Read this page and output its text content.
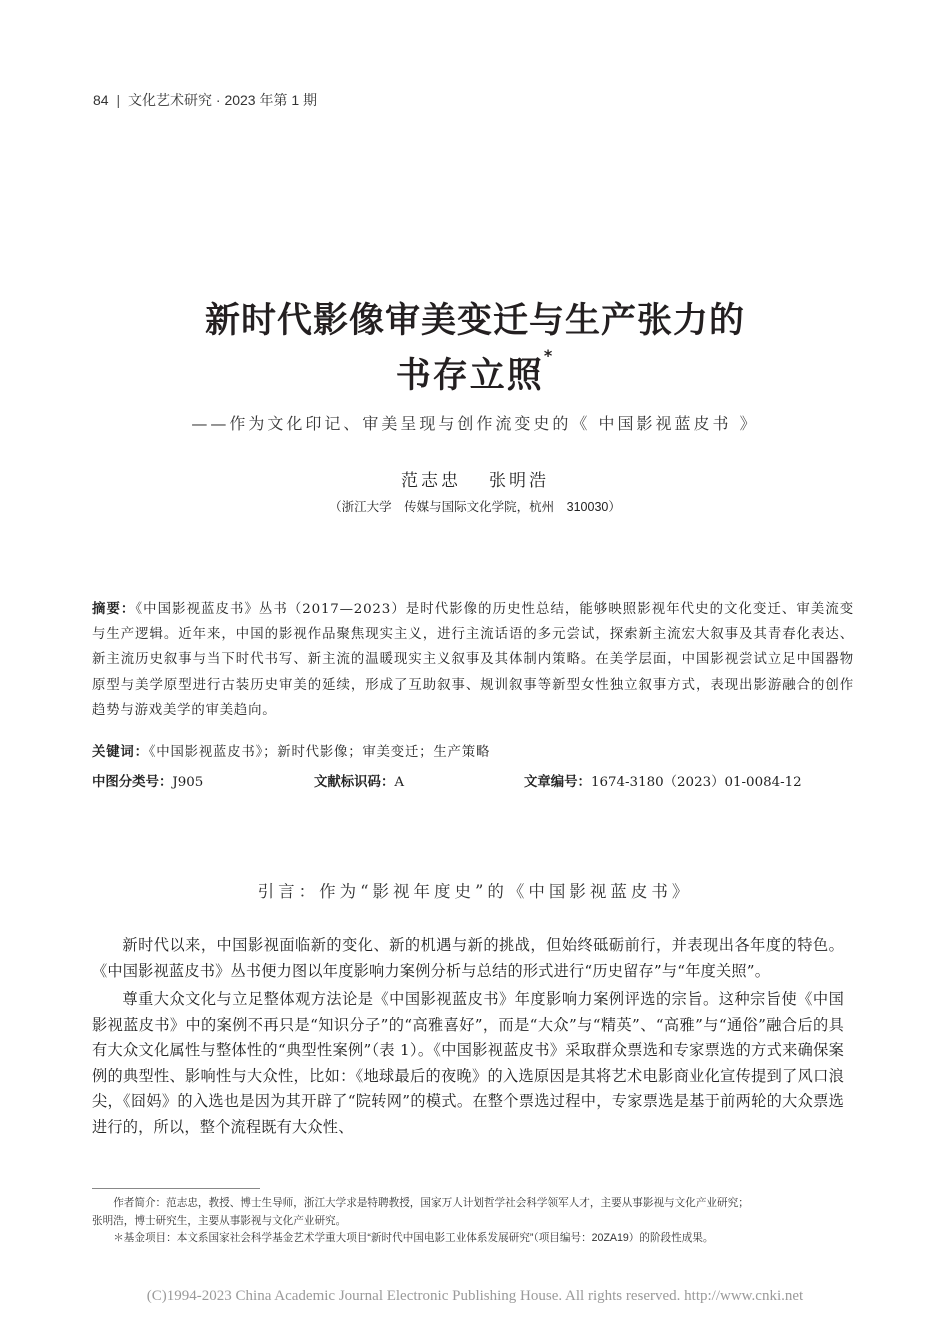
84 | 文化艺术研究 · 2023 年第 1 期
新时代影像审美变迁与生产张力的
书存立照*
——作为文化印记、审美呈现与创作流变史的《 中国影视蓝皮书 》
范志忠 张明浩
（浙江大学　传媒与国际文化学院，杭州　310030）
摘要：《中国影视蓝皮书》丛书（2017—2023）是时代影像的历史性总结，能够映照影视年代史的文化变迁、审美流变与生产逻辑。近年来，中国的影视作品聚焦现实主义，进行主流话语的多元尝试，探索新主流宏大叙事及其青春化表达、新主流历史叙事与当下时代书写、新主流的温暖现实主义叙事及其体制内策略。在美学层面，中国影视尝试立足中国器物原型与美学原型进行古装历史审美的延续，形成了互助叙事、规训叙事等新型女性独立叙事方式，表现出影游融合的创作趋势与游戏美学的审美趋向。
关键词：《中国影视蓝皮书》；新时代影像；审美变迁；生产策略
中图分类号：J905	文献标识码：A	文章编号：1674-3180（2023）01-0084-12
引言：作为“影视年度史”的《中国影视蓝皮书》

新时代以来，中国影视面临新的变化、新的机遇与新的挑战，但始终砥砺前行，并表现出各年度的特色。《中国影视蓝皮书》丛书便力图以年度影响力案例分析与总结的形式进行“历史留存”与“年度关照”。

尊重大众文化与立足整体观方法论是《中国影视蓝皮书》年度影响力案例评选的宗旨。这种宗旨使《中国影视蓝皮书》中的案例不再只是“知识分子”的“高雅喜好”，而是“大众”与“精英”、“高雅”与“通俗”融合后的具有大众文化属性与整体性的“典型性案例”（表 1）。《中国影视蓝皮书》采取群众票选和专家票选的方式来确保案例的典型性、影响性与大众性，比如：《地球最后的夜晚》的入选原因是其将艺术电影商业化宣传提到了风口浪尖，《囧妈》的入选也是因为其开辟了“院转网”的模式。在整个票选过程中，专家票选是基于前两轮的大众票选进行的，所以，整个流程既有大众性、

作者简介：范志忠，教授、博士生导师，浙江大学求是特聘教授，国家万人计划哲学社会科学领军人才，主要从事影视与文化产业研究；

张明浩，博士研究生，主要从事影视与文化产业研究。

＊基金项目：本文系国家社会科学基金艺术学重大项目“新时代中国电影工业体系发展研究”（项目编号：20ZA19）的阶段性成果。

(C)1994-2023 China Academic Journal Electronic Publishing House. All rights reserved. http://www.cnki.net
